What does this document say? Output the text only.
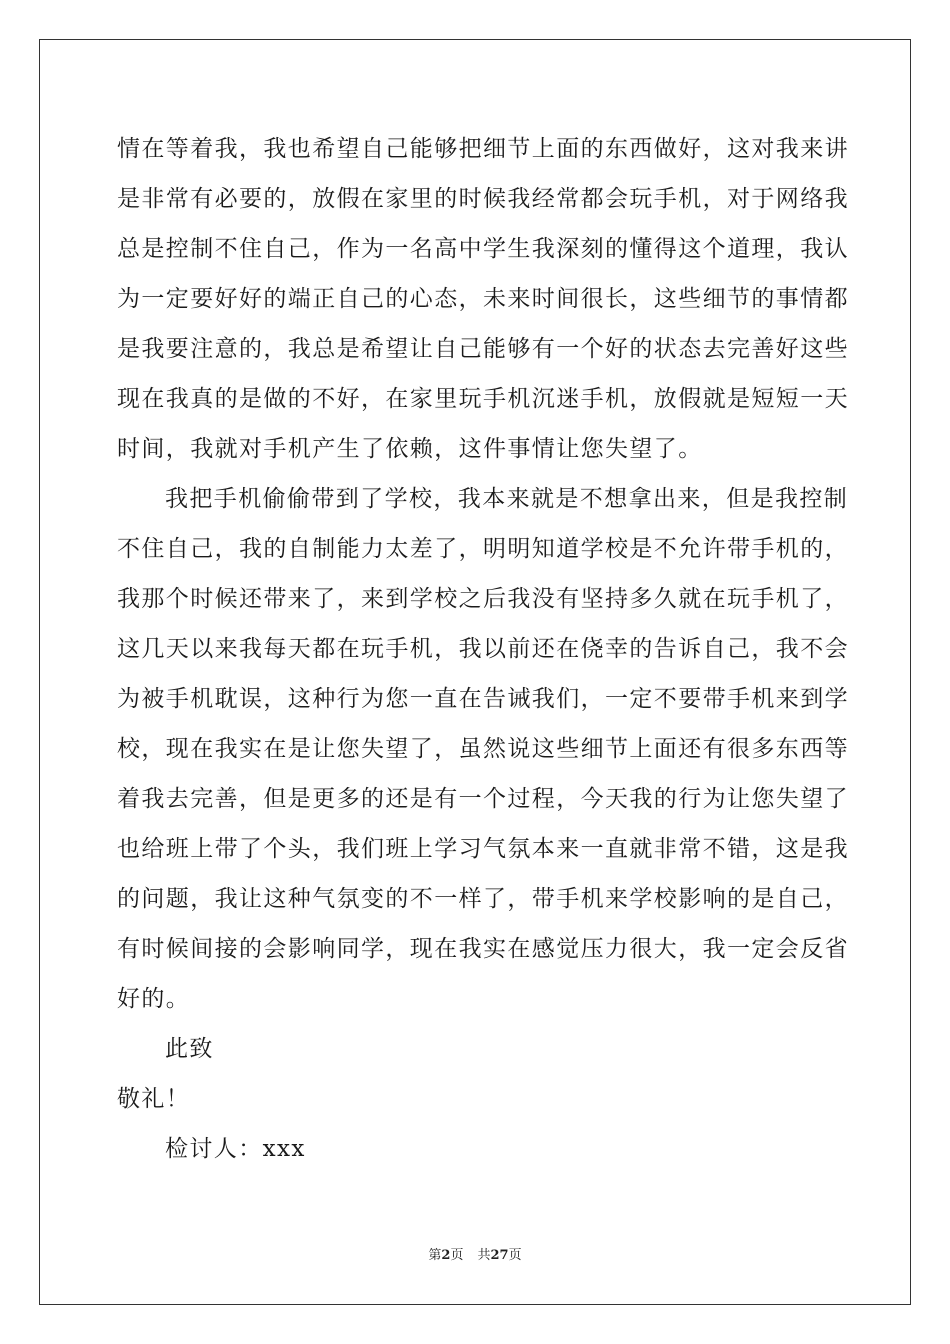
情在等着我，我也希望自己能够把细节上面的东西做好，这对我来讲
是非常有必要的，放假在家里的时候我经常都会玩手机，对于网络我
总是控制不住自己，作为一名高中学生我深刻的懂得这个道理，我认
为一定要好好的端正自己的心态，未来时间很长，这些细节的事情都
是我要注意的，我总是希望让自己能够有一个好的状态去完善好这些
现在我真的是做的不好，在家里玩手机沉迷手机，放假就是短短一天
时间，我就对手机产生了依赖，这件事情让您失望了。
我把手机偷偷带到了学校，我本来就是不想拿出来，但是我控制
不住自己，我的自制能力太差了，明明知道学校是不允许带手机的，
我那个时候还带来了，来到学校之后我没有坚持多久就在玩手机了，
这几天以来我每天都在玩手机，我以前还在侥幸的告诉自己，我不会
为被手机耽误，这种行为您一直在告诫我们，一定不要带手机来到学
校，现在我实在是让您失望了，虽然说这些细节上面还有很多东西等
着我去完善，但是更多的还是有一个过程，今天我的行为让您失望了
也给班上带了个头，我们班上学习气氛本来一直就非常不错，这是我
的问题，我让这种气氛变的不一样了，带手机来学校影响的是自己，
有时候间接的会影响同学，现在我实在感觉压力很大，我一定会反省
好的。
此致
敬礼！
检讨人：xxx
第2页 共27页
